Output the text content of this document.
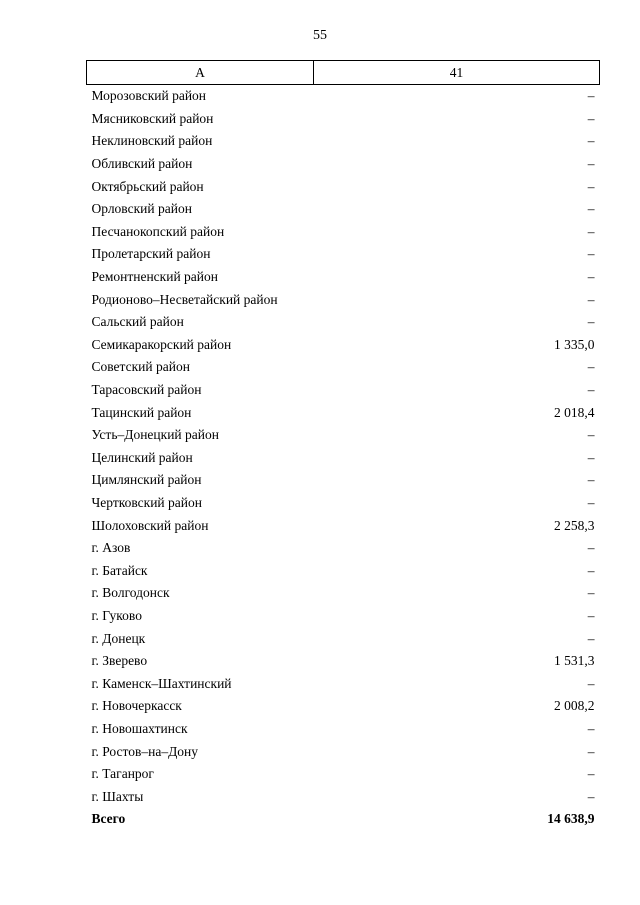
55
А	41
Морозовский район	–
Мясниковский район	–
Неклиновский район	–
Обливский район	–
Октябрьский район	–
Орловский район	–
Песчанокопский район	–
Пролетарский район	–
Ремонтненский район	–
Родионово–Несветайский район	–
Сальский район	–
Семикаракорский район	1 335,0
Советский район	–
Тарасовский район	–
Тацинский район	2 018,4
Усть–Донецкий район	–
Целинский район	–
Цимлянский район	–
Чертковский район	–
Шолоховский район	2 258,3
г. Азов	–
г. Батайск	–
г. Волгодонск	–
г. Гуково	–
г. Донецк	–
г. Зверево	1 531,3
г. Каменск–Шахтинский	–
г. Новочеркасск	2 008,2
г. Новошахтинск	–
г. Ростов–на–Дону	–
г. Таганрог	–
г. Шахты	–
Всего	14 638,9
